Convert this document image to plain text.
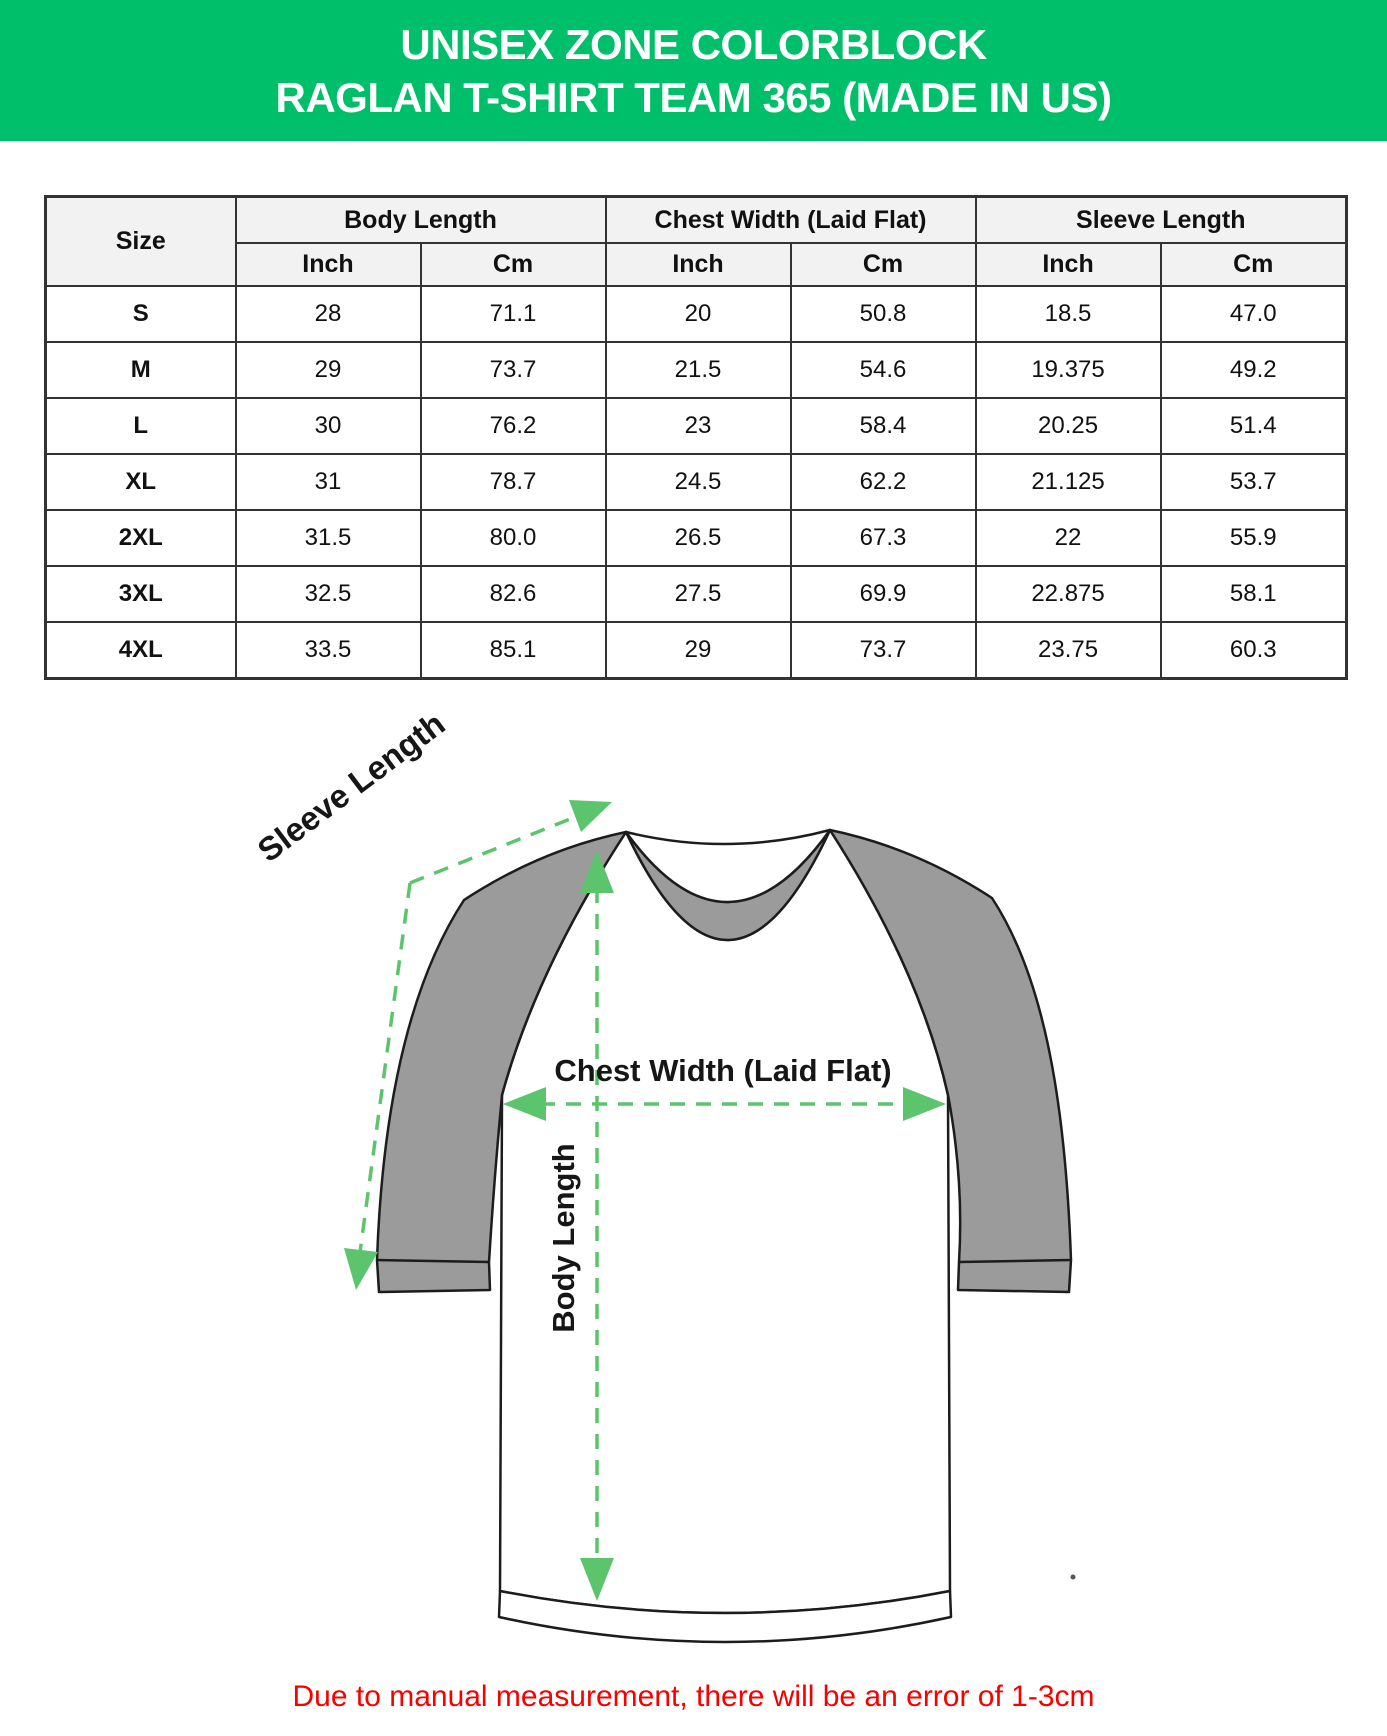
UNISEX ZONE COLORBLOCK
RAGLAN T-SHIRT TEAM 365 (MADE IN US)
Size	Body Length		Chest Width (Laid Flat)		Sleeve Length	
	Inch	Cm	Inch	Cm	Inch	Cm
S	28	71.1	20	50.8	18.5	47.0
M	29	73.7	21.5	54.6	19.375	49.2
L	30	76.2	23	58.4	20.25	51.4
XL	31	78.7	24.5	62.2	21.125	53.7
2XL	31.5	80.0	26.5	67.3	22	55.9
3XL	32.5	82.6	27.5	69.9	22.875	58.1
4XL	33.5	85.1	29	73.7	23.75	60.3
Sleeve Length
Chest Width (Laid Flat)
Body Length
Due to manual measurement, there will be an error of 1-3cm
